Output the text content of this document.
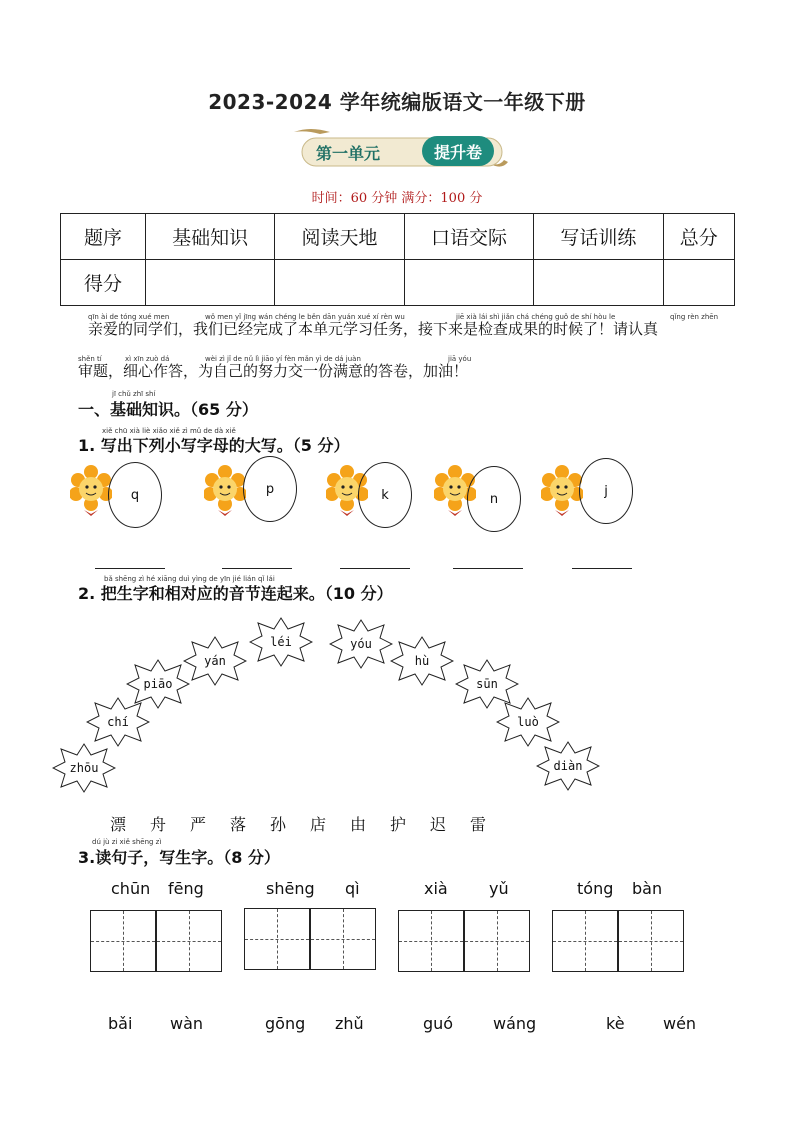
2023-2024 学年统编版语文一年级下册
第一单元	提升卷
时间：60 分钟 满分：100 分
题序	基础知识	阅读天地	口语交际	写话训练	总分
得分					
qīn ài de tóng xué men	wǒ men yǐ jīng wán chéng le běn dān yuán xué xí rèn wu	jiē xià lái shì jiǎn chá chéng guǒ de shí hòu le	qǐng rèn zhēn
亲爱的同学们，我们已经完成了本单元学习任务，接下来是检查成果的时候了！请认真
shěn tí	xì xīn zuò dá	wèi zì jǐ de nǔ lì jiāo yí fèn mǎn yì de dá juàn	jiā yóu
审题，细心作答，为自己的努力交一份满意的答卷，加油！
jī chǔ zhī shí
一、基础知识。（65 分）
xiě chū xià liè xiǎo xiě zì mǔ de dà xiě
1. 写出下列小写字母的大写。（5 分）
q	p	k	n
j
bǎ shēng zì hé xiāng duì yìng de yīn jié lián qǐ lái
2. 把生字和相对应的音节连起来。（10 分）
zhōu
chí
piāo
yán
léi	yóu
hù
sūn
luò
diàn
漂 舟 严 落 孙 店 由 护 迟 雷
dú jù zi xiě shēng zì
3.读句子，写生字。（8 分）
chūn fēng	shēng qì	xià	yǔ	tóng bàn
bǎi wàn	gōng zhǔ	guó wáng	kè wén
